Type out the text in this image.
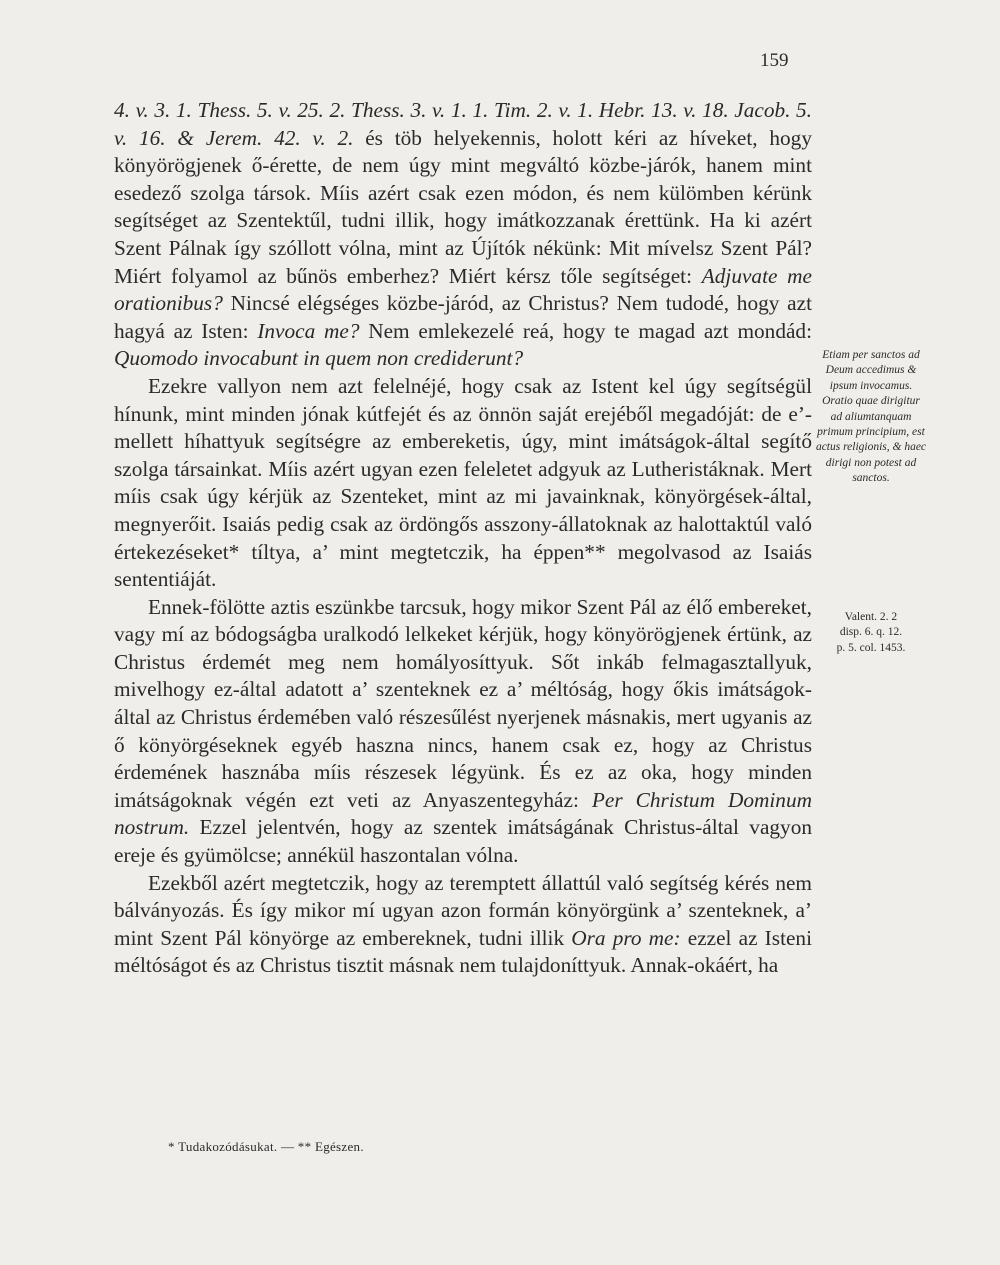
159

4. v. 3. 1. Thess. 5. v. 25. 2. Thess. 3. v. 1. 1. Tim. 2. v. 1. Hebr. 13. v. 18. Jacob. 5. v. 16. & Jerem. 42. v. 2. és töb helyekennis, holott kéri az híveket, hogy könyörögjenek ő-érette, de nem úgy mint megváltó közbe-járók, hanem mint esedező szolga társok. Míis azért csak ezen módon, és nem külömben kérünk segítséget az Szentektűl, tudni illik, hogy imátkozzanak érettünk. Ha ki azért Szent Pálnak így szóllott vólna, mint az Újítók nékünk: Mit mívelsz Szent Pál? Miért folyamol az bűnös emberhez? Miért kérsz tőle segítséget: Adjuvate me orationibus? Nincsé elégséges közbe-járód, az Christus? Nem tudodé, hogy azt hagyá az Isten: Invoca me? Nem emlekezelé reá, hogy te magad azt mondád: Quomodo invocabunt in quem non crediderunt?

Ezekre vallyon nem azt felelnéjé, hogy csak az Istent kel úgy segítségül hínunk, mint minden jónak kútfejét és az önnön saját erejéből megadóját: de e’-mellett híhattyuk segítségre az embereketis, úgy, mint imátságok-által segítő szolga társainkat. Míis azért ugyan ezen feleletet adgyuk az Lutheristáknak. Mert míis csak úgy kérjük az Szenteket, mint az mi javainknak, könyörgések-által, megnyerőit. Isaiás pedig csak az ördöngős asszony-állatoknak az halottaktúl való értekezéseket* tíltya, a’ mint megtetczik, ha éppen** megolvasod az Isaiás sententiáját.

Ennek-fölötte aztis eszünkbe tarcsuk, hogy mikor Szent Pál az élő embereket, vagy mí az bódogságba uralkodó lelkeket kérjük, hogy könyörögjenek értünk, az Christus érdemét meg nem homályosíttyuk. Sőt inkáb felmagasztallyuk, mivelhogy ez-által adatott a’ szenteknek ez a’ méltóság, hogy őkis imátságok-által az Christus érdemében való részesűlést nyerjenek másnakis, mert ugyanis az ő könyörgéseknek egyéb haszna nincs, hanem csak ez, hogy az Christus érdemének hasznába míis részesek légyünk. És ez az oka, hogy minden imátságoknak végén ezt veti az Anyaszentegyház: Per Christum Dominum nostrum. Ezzel jelentvén, hogy az szentek imátságának Christus-által vagyon ereje és gyümölcse; annékül haszontalan vólna.

Ezekből azért megtetczik, hogy az teremptett állattúl való segítség kérés nem bálványozás. És így mikor mí ugyan azon formán könyörgünk a’ szenteknek, a’ mint Szent Pál könyörge az embereknek, tudni illik Ora pro me: ezzel az Isteni méltóságot és az Christus tisztit másnak nem tulajdoníttyuk. Annak-okáért, ha

Etiam per sanctos ad Deum accedimus & ipsum invocamus.
Oratio quae dirigitur ad aliumtanquam primum principium, est actus religionis, & haec dirigi non potest ad sanctos.
Valent. 2. 2
disp. 6. q. 12.
p. 5. col. 1453.
* Tudakozódásukat. — ** Egészen.
